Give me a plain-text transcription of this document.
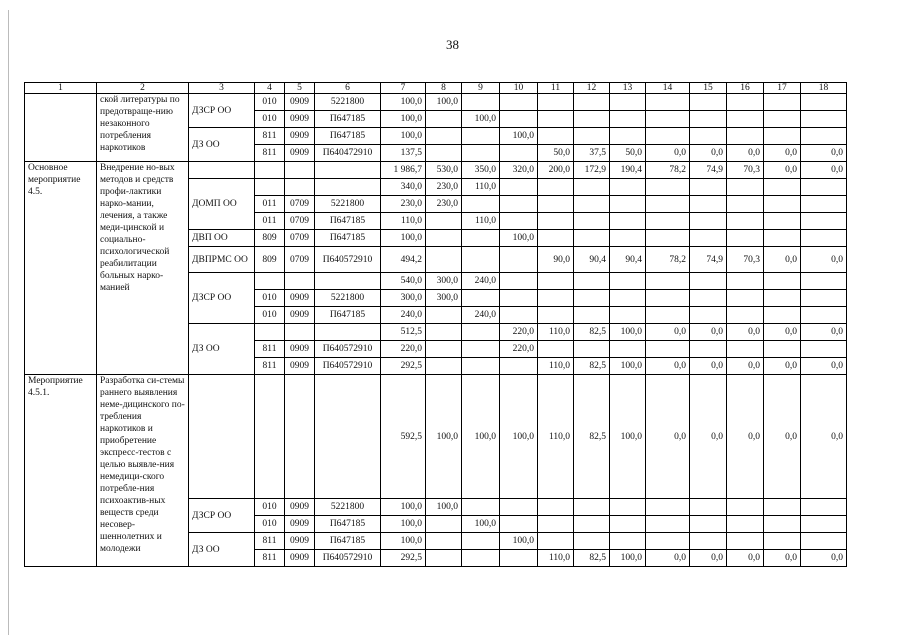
38
1	2	3	4	5	6	7	8	9	10	11	12	13	14	15	16	17	18
	ской литературы по предотвраще-нию незаконного потребления наркотиков	ДЗСР ОО	010	0909	5221800	100,0	100,0										
			010	0909	П647185	100,0		100,0									
		ДЗ ОО	811	0909	П647185	100,0			100,0								
			811	0909	П640472910	137,5				50,0	37,5	50,0	0,0	0,0	0,0	0,0	0,0
Основное мероприятие 4.5.	Внедрение но-вых методов и средств профи-лактики нарко-мании, лечения, а также меди-цинской и социально-психологической реабилитации больных нарко-манией					1 986,7	530,0	350,0	320,0	200,0	172,9	190,4	78,2	74,9	70,3	0,0	0,0
		ДОМП ОО				340,0	230,0	110,0									
			011	0709	5221800	230,0	230,0										
			011	0709	П647185	110,0		110,0									
		ДВП ОО	809	0709	П647185	100,0			100,0								
		ДВПРМС ОО	809	0709	П640572910	494,2				90,0	90,4	90,4	78,2	74,9	70,3	0,0	0,0
		ДЗСР ОО				540,0	300,0	240,0									
			010	0909	5221800	300,0	300,0										
			010	0909	П647185	240,0		240,0									
		ДЗ ОО				512,5			220,0	110,0	82,5	100,0	0,0	0,0	0,0	0,0	0,0
			811	0909	П640572910	220,0			220,0								
			811	0909	П640572910	292,5				110,0	82,5	100,0	0,0	0,0	0,0	0,0	0,0
Мероприятие 4.5.1.	Разработка си-стемы раннего выявления неме-дицинского по-требления наркотиков и приобретение экспресс-тестов с целью выявле-ния немедици-ского потребле-ния психоактив-ных веществ среди несовер-шеннолетних и молодежи					592,5	100,0	100,0	100,0	110,0	82,5	100,0	0,0	0,0	0,0	0,0	0,0
		ДЗСР ОО	010	0909	5221800	100,0	100,0										
			010	0909	П647185	100,0		100,0									
		ДЗ ОО	811	0909	П647185	100,0			100,0								
			811	0909	П640572910	292,5				110,0	82,5	100,0	0,0	0,0	0,0	0,0	0,0
